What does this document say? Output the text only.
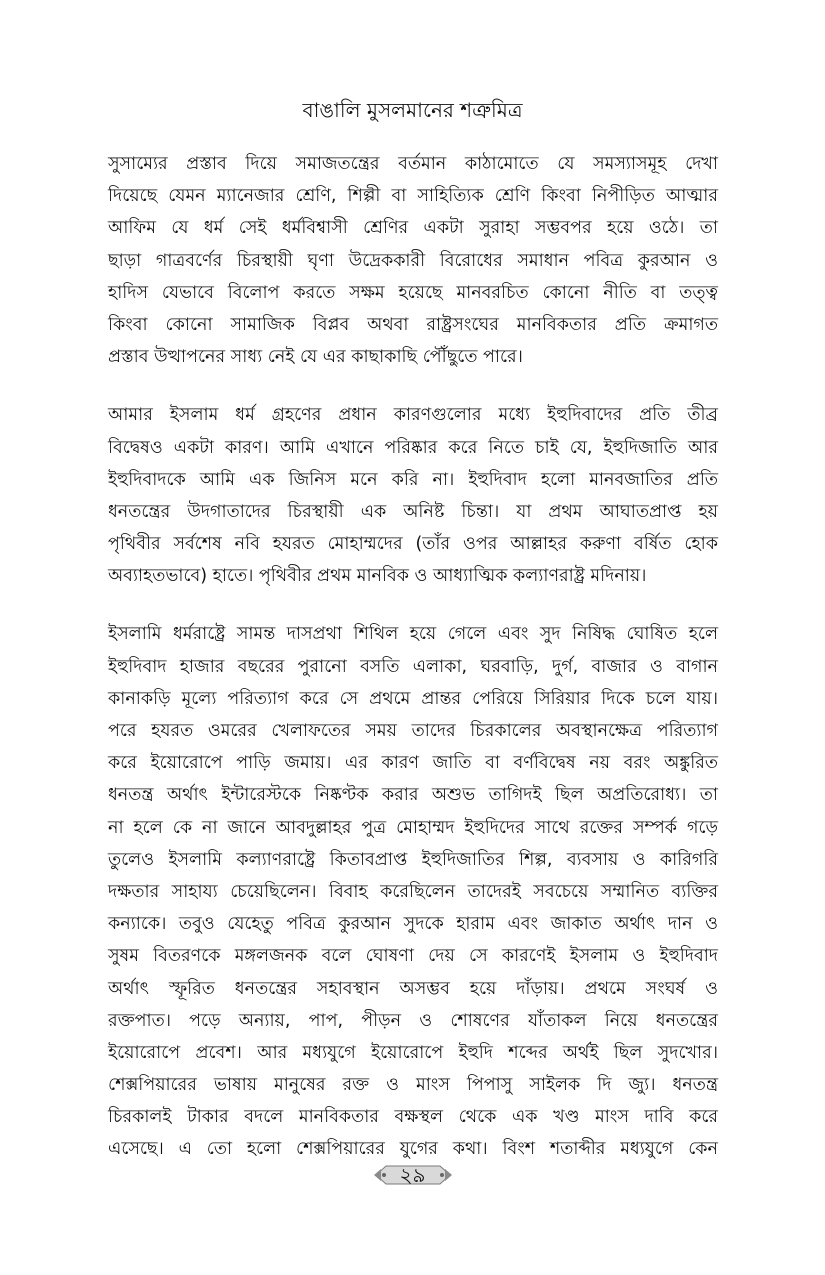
বাঙালি মুসলমানের শত্রুমিত্র

সুসাম্যের প্রস্তাব দিয়ে সমাজতন্ত্রের বর্তমান কাঠামোতে যে সমস্যাসমূহ দেখা
দিয়েছে যেমন ম্যানেজার শ্রেণি, শিল্পী বা সাহিত্যিক শ্রেণি কিংবা নিপীড়িত আত্মার
আফিম যে ধর্ম সেই ধর্মবিশ্বাসী শ্রেণির একটা সুরাহা সম্ভবপর হয়ে ওঠে। তা
ছাড়া গাত্রবর্ণের চিরস্থায়ী ঘৃণা উদ্রেককারী বিরোধের সমাধান পবিত্র কুরআন ও
হাদিস যেভাবে বিলোপ করতে সক্ষম হয়েছে মানবরচিত কোনো নীতি বা তত্ত্ব
কিংবা কোনো সামাজিক বিপ্লব অথবা রাষ্ট্রসংঘের মানবিকতার প্রতি ক্রমাগত
প্রস্তাব উত্থাপনের সাধ্য নেই যে এর কাছাকাছি পৌঁছুতে পারে।

আমার ইসলাম ধর্ম গ্রহণের প্রধান কারণগুলোর মধ্যে ইহুদিবাদের প্রতি তীব্র
বিদ্বেষও একটা কারণ। আমি এখানে পরিষ্কার করে নিতে চাই যে, ইহুদিজাতি আর
ইহুদিবাদকে আমি এক জিনিস মনে করি না। ইহুদিবাদ হলো মানবজাতির প্রতি
ধনতন্ত্রের উদগাতাদের চিরস্থায়ী এক অনিষ্ট চিন্তা। যা প্রথম আঘাতপ্রাপ্ত হয়
পৃথিবীর সর্বশেষ নবি হযরত মোহাম্মদের (তাঁর ওপর আল্লাহর করুণা বর্ষিত হোক
অব্যাহতভাবে) হাতে। পৃথিবীর প্রথম মানবিক ও আধ্যাত্মিক কল্যাণরাষ্ট্র মদিনায়।

ইসলামি ধর্মরাষ্ট্রে সামন্ত দাসপ্রথা শিথিল হয়ে গেলে এবং সুদ নিষিদ্ধ ঘোষিত হলে
ইহুদিবাদ হাজার বছরের পুরানো বসতি এলাকা, ঘরবাড়ি, দুর্গ, বাজার ও বাগান
কানাকড়ি মূল্যে পরিত্যাগ করে সে প্রথমে প্রান্তর পেরিয়ে সিরিয়ার দিকে চলে যায়।
পরে হযরত ওমরের খেলাফতের সময় তাদের চিরকালের অবস্থানক্ষেত্র পরিত্যাগ
করে ইয়োরোপে পাড়ি জমায়। এর কারণ জাতি বা বর্ণবিদ্বেষ নয় বরং অঙ্কুরিত
ধনতন্ত্র অর্থাৎ ইন্টারেস্টকে নিষ্কণ্টক করার অশুভ তাগিদই ছিল অপ্রতিরোধ্য। তা
না হলে কে না জানে আবদুল্লাহর পুত্র মোহাম্মদ ইহুদিদের সাথে রক্তের সম্পর্ক গড়ে
তুলেও ইসলামি কল্যাণরাষ্ট্রে কিতাবপ্রাপ্ত ইহুদিজাতির শিল্প, ব্যবসায় ও কারিগরি
দক্ষতার সাহায্য চেয়েছিলেন। বিবাহ করেছিলেন তাদেরই সবচেয়ে সম্মানিত ব্যক্তির
কন্যাকে। তবুও যেহেতু পবিত্র কুরআন সুদকে হারাম এবং জাকাত অর্থাৎ দান ও
সুষম বিতরণকে মঙ্গলজনক বলে ঘোষণা দেয় সে কারণেই ইসলাম ও ইহুদিবাদ
অর্থাৎ স্ফূরিত ধনতন্ত্রের সহাবস্থান অসম্ভব হয়ে দাঁড়ায়। প্রথমে সংঘর্ষ ও
রক্তপাত। পড়ে অন্যায়, পাপ, পীড়ন ও শোষণের যাঁতাকল নিয়ে ধনতন্ত্রের
ইয়োরোপে প্রবেশ। আর মধ্যযুগে ইয়োরোপে ইহুদি শব্দের অর্থই ছিল সুদখোর।
শেক্সপিয়ারের ভাষায় মানুষের রক্ত ও মাংস পিপাসু সাইলক দি জ্যু। ধনতন্ত্র
চিরকালই টাকার বদলে মানবিকতার বক্ষস্থল থেকে এক খণ্ড মাংস দাবি করে
এসেছে। এ তো হলো শেক্সপিয়ারের যুগের কথা। বিংশ শতাব্দীর মধ্যযুগে কেন

২৯
